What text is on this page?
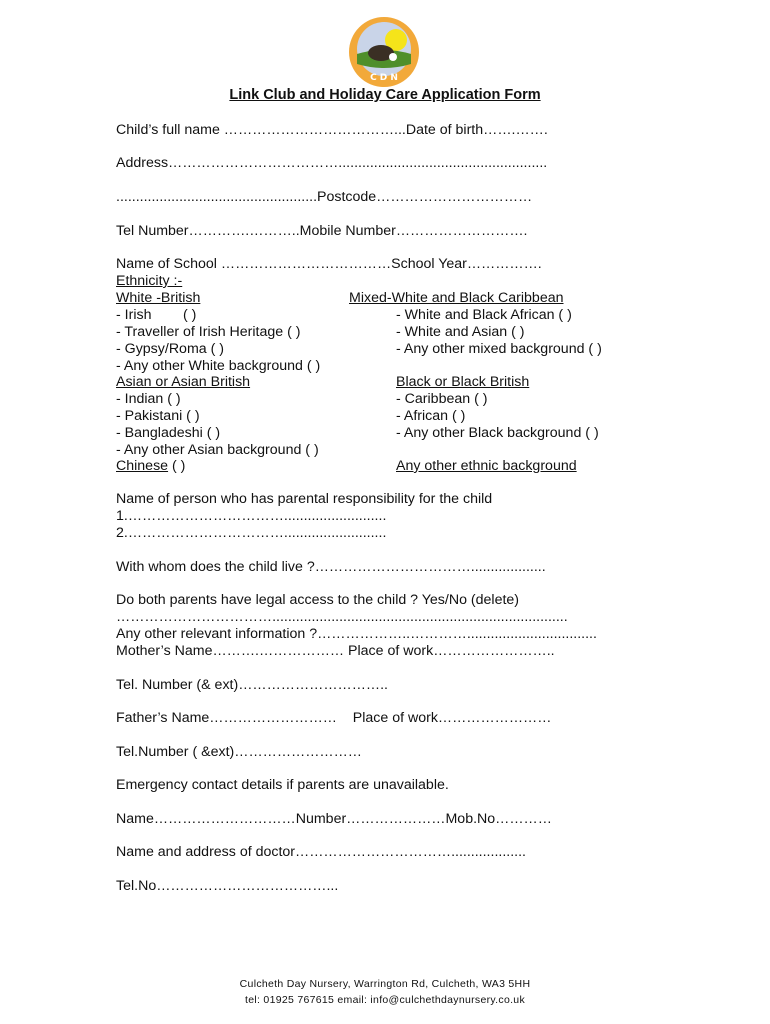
C D N
Link Club and Holiday Care Application Form
Child’s full name ………………………………...Date of birth…….…….
Address……………………………….....................................................
...................................................Postcode……………………………
Tel Number………….………..Mobile Number……………………….
Name of School ………………………………School Year…………….
Ethnicity :-
White -British
- Irish        ( )
- Traveller of Irish Heritage ( )
- Gypsy/Roma ( )
- Any other White background ( )
Asian or Asian British
- Indian ( )
- Pakistani ( )
- Bangladeshi ( )
- Any other Asian background ( )
Chinese ( )
Mixed-White and Black Caribbean
- White and Black African ( )
- White and Asian ( )
- Any other mixed background ( )
Black or Black British
- Caribbean ( )
- African ( )
- Any other Black background ( )
Any other ethnic background
Name of person who has parental responsibility for the child
1.……………………………..........................
2.……………………………..........................
With whom does the child live ?……………………………...................
Do both parents have legal access to the child ? Yes/No (delete)
……………………………...........................................................................
Any other relevant information ?………………..………….................................
Mother’s Name……….……………… Place of work……………………..
Tel. Number (& ext)…………………………..
Father’s Name………………………    Place of work……………………
Tel.Number ( &ext)………………………
Emergency contact details if parents are unavailable.
Name…………………………Number…………………Mob.No…………
Name and address of doctor……………………………...................
Tel.No………………………………...
Culcheth Day Nursery, Warrington Rd, Culcheth, WA3 5HH
tel: 01925 767615 email: info@culchethdaynursery.co.uk
